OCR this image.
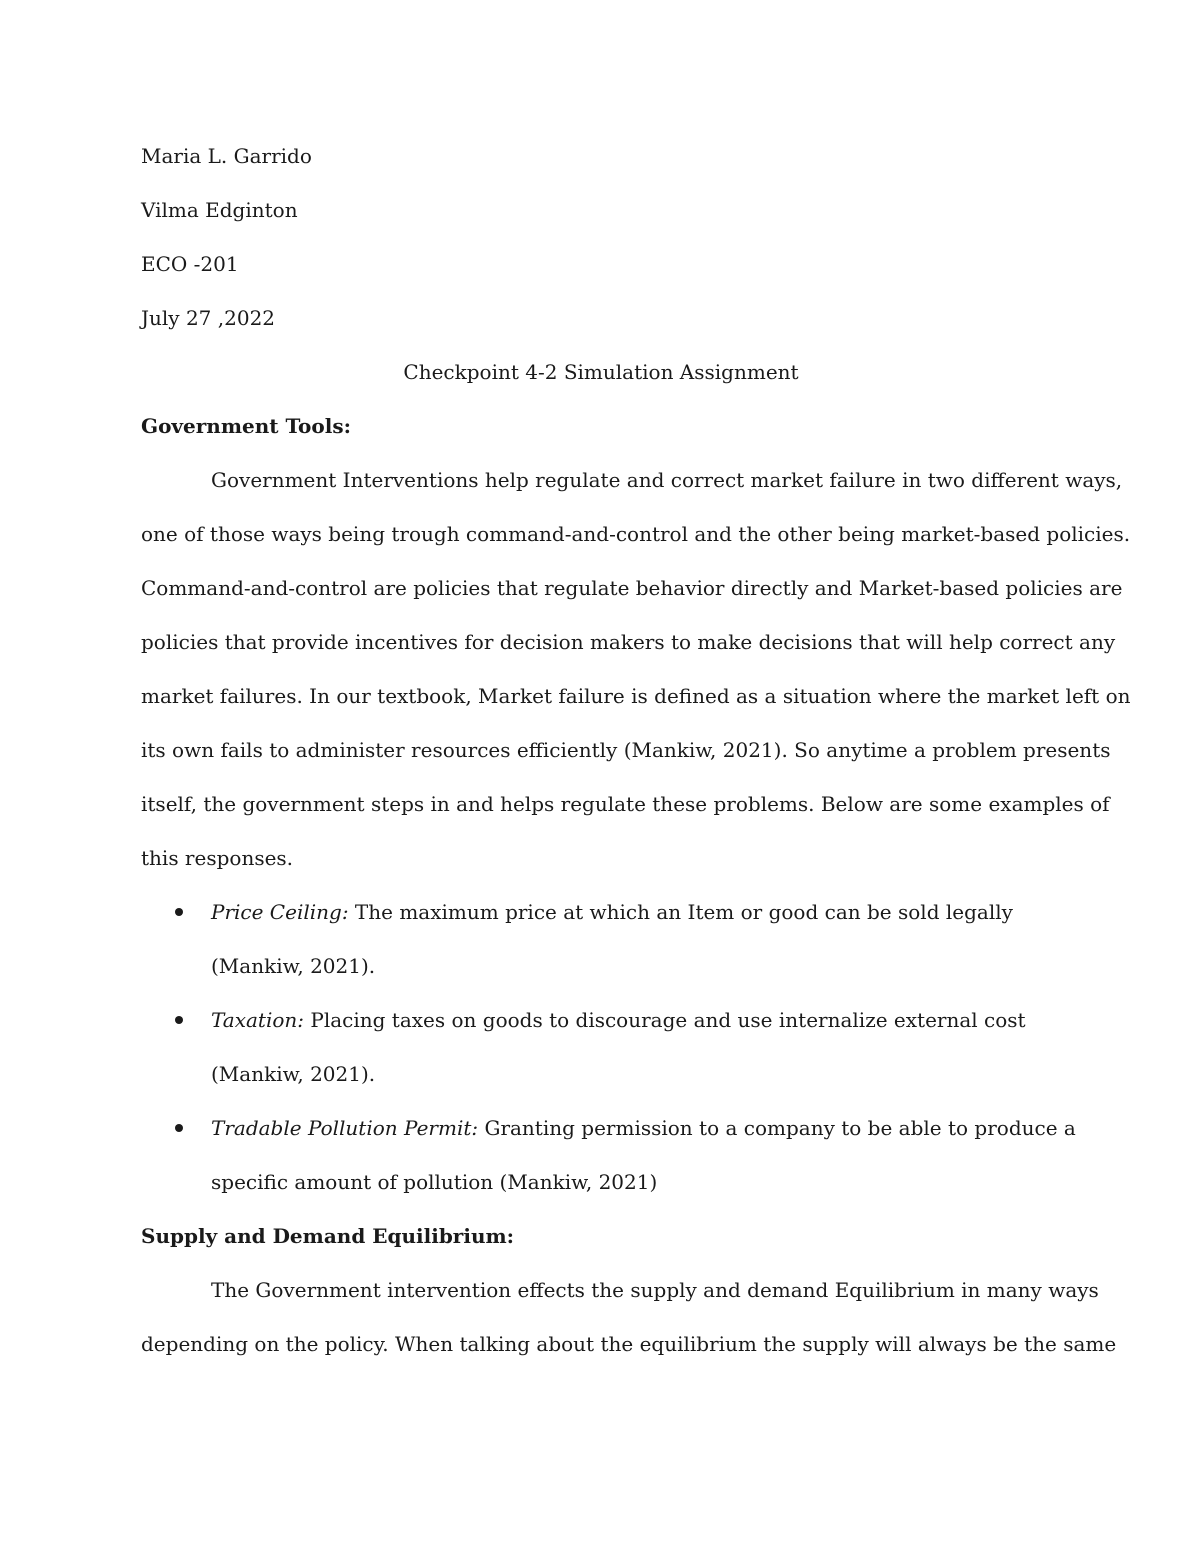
Maria L. Garrido
Vilma Edginton
ECO -201
July 27 ,2022
Checkpoint 4-2 Simulation Assignment
Government Tools:
Government Interventions help regulate and correct market failure in two different ways,
one of those ways being trough command-and-control and the other being market-based policies.
Command-and-control are policies that regulate behavior directly and Market-based policies are
policies that provide incentives for decision makers to make decisions that will help correct any
market failures. In our textbook, Market failure is defined as a situation where the market left on
its own fails to administer resources efficiently (Mankiw, 2021). So anytime a problem presents
itself, the government steps in and helps regulate these problems. Below are some examples of
this responses.
Price Ceiling: The maximum price at which an Item or good can be sold legally
(Mankiw, 2021).
Taxation: Placing taxes on goods to discourage and use internalize external cost
(Mankiw, 2021).
Tradable Pollution Permit: Granting permission to a company to be able to produce a
specific amount of pollution (Mankiw, 2021)
Supply and Demand Equilibrium:
The Government intervention effects the supply and demand Equilibrium in many ways
depending on the policy. When talking about the equilibrium the supply will always be the same
